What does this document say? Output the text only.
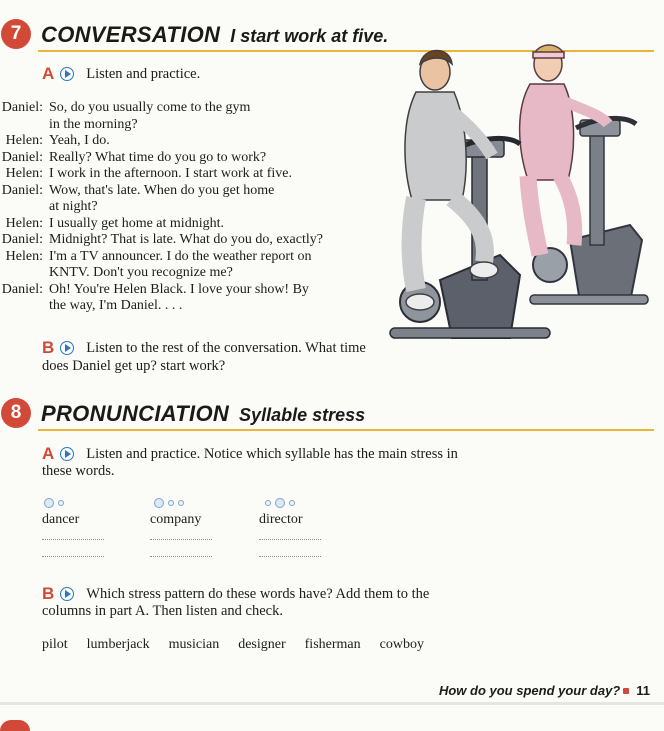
7 CONVERSATION I start work at five.
A Listen and practice.
Daniel: So, do you usually come to the gym
in the morning?
Helen: Yeah, I do.
Daniel: Really? What time do you go to work?
Helen: I work in the afternoon. I start work at five.
Daniel: Wow, that's late. When do you get home
at night?
Helen: I usually get home at midnight.
Daniel: Midnight? That is late. What do you do, exactly?
Helen: I'm a TV announcer. I do the weather report on
KNTV. Don't you recognize me?
Daniel: Oh! You're Helen Black. I love your show! By
the way, I'm Daniel. . . .
B Listen to the rest of the conversation. What time
does Daniel get up? start work?
8 PRONUNCIATION Syllable stress
A Listen and practice. Notice which syllable has the main stress in
these words.
dancer	company	director
B Which stress pattern do these words have? Add them to the
columns in part A. Then listen and check.
pilot lumberjack musician designer fisherman cowboy
How do you spend your day? 11
